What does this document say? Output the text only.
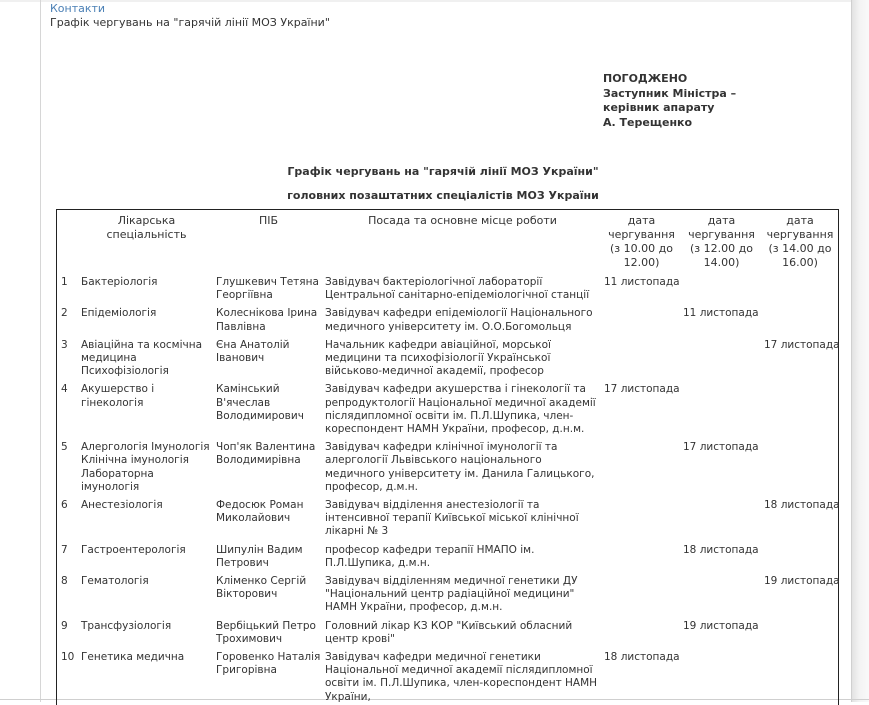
Контакти
Графік чергувань на "гарячій лінії МОЗ України"
ПОГОДЖЕНО
Заступник Міністра –
керівник апарату
А. Терещенко
Графік чергувань на "гарячій лінії МОЗ України"
головних позаштатних спеціалістів МОЗ України
	Лікарська спеціальність	ПІБ	Посада та основне місце роботи	дата чергування (з 10.00 до 12.00)	дата чергування (з 12.00 до 14.00)	дата чергування (з 14.00 до 16.00)
1	Бактеріологія	Глушкевич Тетяна Георгіївна	Завідувач бактеріологічної лабораторії Центральної санітарно-епідеміологічної станції	11 листопада		
2	Епідеміологія	Колеснікова Ірина Павлівна	Завідувач кафедри епідеміології Національного медичного університету ім. О.О.Богомольця		11 листопада	
3	Авіаційна та космічна медицина Психофізіологія	Єна Анатолій Іванович	Начальник кафедри авіаційної, морської медицини та психофізіології Української військово-медичної академії, професор			17 листопада
4	Акушерство і гінекологія	Камінський В'ячеслав Володимирович	Завідувач кафедри акушерства і гінекології та репродуктології Національної медичної академії післядипломної освіти ім. П.Л.Шупика, член-кореспондент НАМН України, професор, д.н.м.	17 листопада		
5	Алергологія Імунологія Клінічна імунологія Лабораторна імунологія	Чоп'як Валентина Володимирівна	Завідувач кафедри клінічної імунології та алергології Львівського національного медичного університету ім. Данила Галицького, професор, д.м.н.		17 листопада	
6	Анестезіологія	Федосюк Роман Миколайович	Завідувач відділення анестезіології та інтенсивної терапії Київської міської клінічної лікарні № 3			18 листопада
7	Гастроентерологія	Шипулін Вадим Петрович	професор кафедри терапії НМАПО ім. П.Л.Шупика, д.м.н.		18 листопада	
8	Гематологія	Кліменко Сергій Вікторович	Завідувач відділенням медичної генетики ДУ "Національний центр радіаційної медицини" НАМН України, професор, д.м.н.			19 листопада
9	Трансфузіологія	Вербіцький Петро Трохимович	Головний лікар КЗ КОР "Київський обласний центр крові"		19 листопада	
10	Генетика медична	Горовенко Наталія Григорівна	Завідувач кафедри медичної генетики Національної медичної академії післядипломної освіти ім. П.Л.Шупика, член-кореспондент НАМН України,	18 листопада		
